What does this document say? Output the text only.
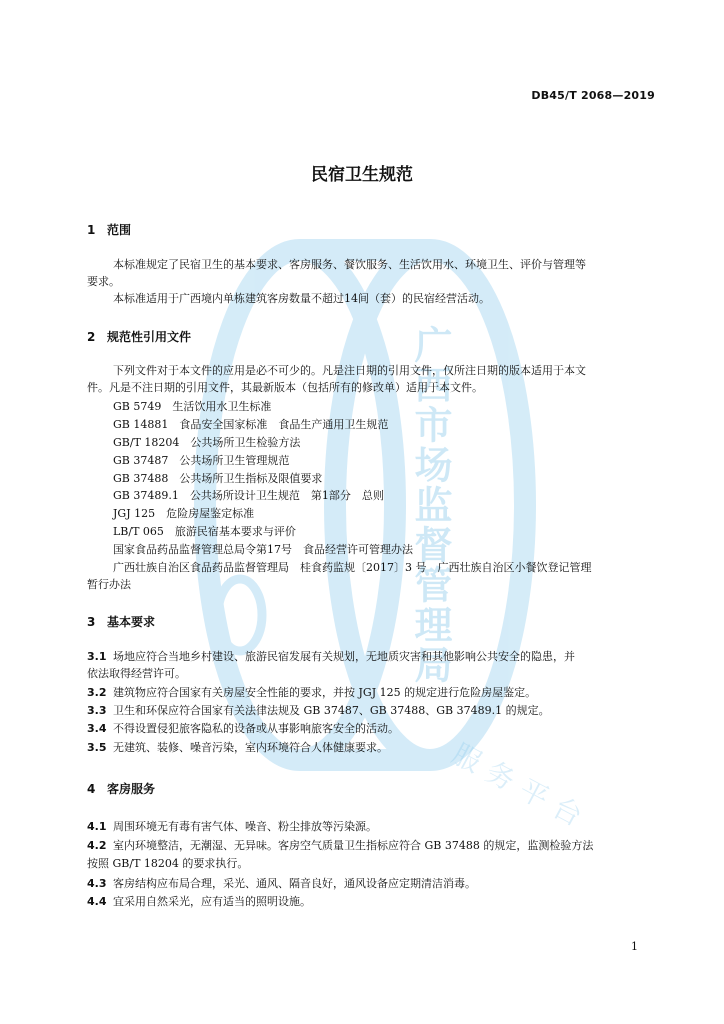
广西市场监督管理局
服务平台
DB45/T 2068—2019
民宿卫生规范
1 范围
本标准规定了民宿卫生的基本要求、客房服务、餐饮服务、生活饮用水、环境卫生、评价与管理等
要求。
本标准适用于广西境内单栋建筑客房数量不超过14间（套）的民宿经营活动。
2 规范性引用文件
下列文件对于本文件的应用是必不可少的。凡是注日期的引用文件，仅所注日期的版本适用于本文
件。凡是不注日期的引用文件，其最新版本（包括所有的修改单）适用于本文件。
GB 5749　生活饮用水卫生标准
GB 14881　食品安全国家标准　食品生产通用卫生规范
GB/T 18204　公共场所卫生检验方法
GB 37487　公共场所卫生管理规范
GB 37488　公共场所卫生指标及限值要求
GB 37489.1　公共场所设计卫生规范　第1部分　总则
JGJ 125　危险房屋鉴定标准
LB/T 065　旅游民宿基本要求与评价
国家食品药品监督管理总局令第17号　食品经营许可管理办法
广西壮族自治区食品药品监督管理局　桂食药监规〔2017〕3 号　广西壮族自治区小餐饮登记管理
暂行办法
3 基本要求
3.1 场地应符合当地乡村建设、旅游民宿发展有关规划，无地质灾害和其他影响公共安全的隐患，并
依法取得经营许可。
3.2 建筑物应符合国家有关房屋安全性能的要求，并按 JGJ 125 的规定进行危险房屋鉴定。
3.3 卫生和环保应符合国家有关法律法规及 GB 37487、GB 37488、GB 37489.1 的规定。
3.4 不得设置侵犯旅客隐私的设备或从事影响旅客安全的活动。
3.5 无建筑、装修、噪音污染，室内环境符合人体健康要求。
4 客房服务
4.1 周围环境无有毒有害气体、噪音、粉尘排放等污染源。
4.2 室内环境整洁，无潮湿、无异味。客房空气质量卫生指标应符合 GB 37488 的规定，监测检验方法
按照 GB/T 18204 的要求执行。
4.3 客房结构应布局合理，采光、通风、隔音良好，通风设备应定期清洁消毒。
4.4 宜采用自然采光，应有适当的照明设施。
1
